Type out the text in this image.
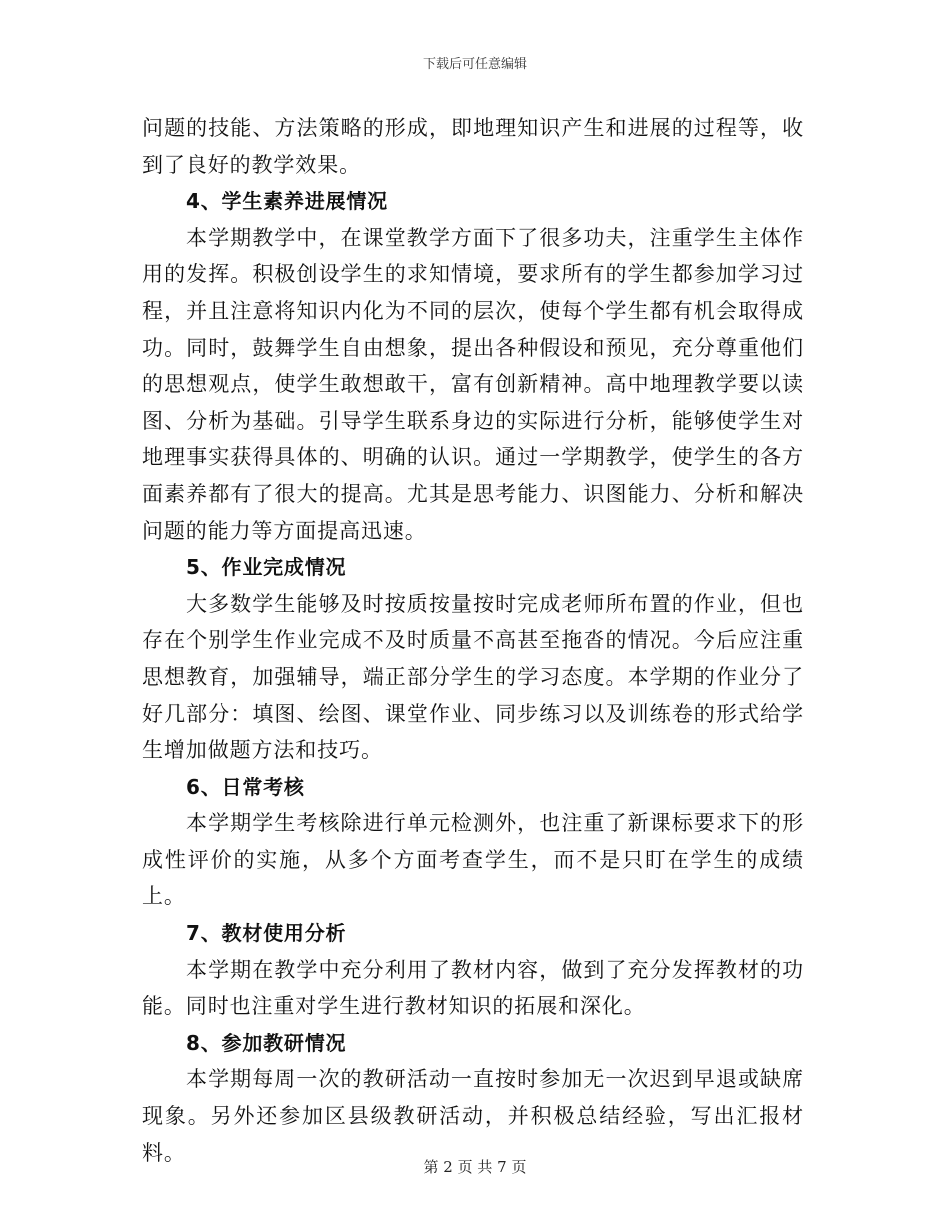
下载后可任意编辑

问题的技能、方法策略的形成，即地理知识产生和进展的过程等，收到了良好的教学效果。

4、学生素养进展情况

本学期教学中，在课堂教学方面下了很多功夫，注重学生主体作用的发挥。积极创设学生的求知情境，要求所有的学生都参加学习过程，并且注意将知识内化为不同的层次，使每个学生都有机会取得成功。同时，鼓舞学生自由想象，提出各种假设和预见，充分尊重他们的思想观点，使学生敢想敢干，富有创新精神。高中地理教学要以读图、分析为基础。引导学生联系身边的实际进行分析，能够使学生对地理事实获得具体的、明确的认识。通过一学期教学，使学生的各方面素养都有了很大的提高。尤其是思考能力、识图能力、分析和解决问题的能力等方面提高迅速。

5、作业完成情况

大多数学生能够及时按质按量按时完成老师所布置的作业，但也存在个别学生作业完成不及时质量不高甚至拖沓的情况。今后应注重思想教育，加强辅导，端正部分学生的学习态度。本学期的作业分了好几部分：填图、绘图、课堂作业、同步练习以及训练卷的形式给学生增加做题方法和技巧。

6、日常考核

本学期学生考核除进行单元检测外，也注重了新课标要求下的形成性评价的实施，从多个方面考查学生，而不是只盯在学生的成绩上。

7、教材使用分析

本学期在教学中充分利用了教材内容，做到了充分发挥教材的功能。同时也注重对学生进行教材知识的拓展和深化。

8、参加教研情况

本学期每周一次的教研活动一直按时参加无一次迟到早退或缺席现象。另外还参加区县级教研活动，并积极总结经验，写出汇报材料。

第 2 页 共 7 页
